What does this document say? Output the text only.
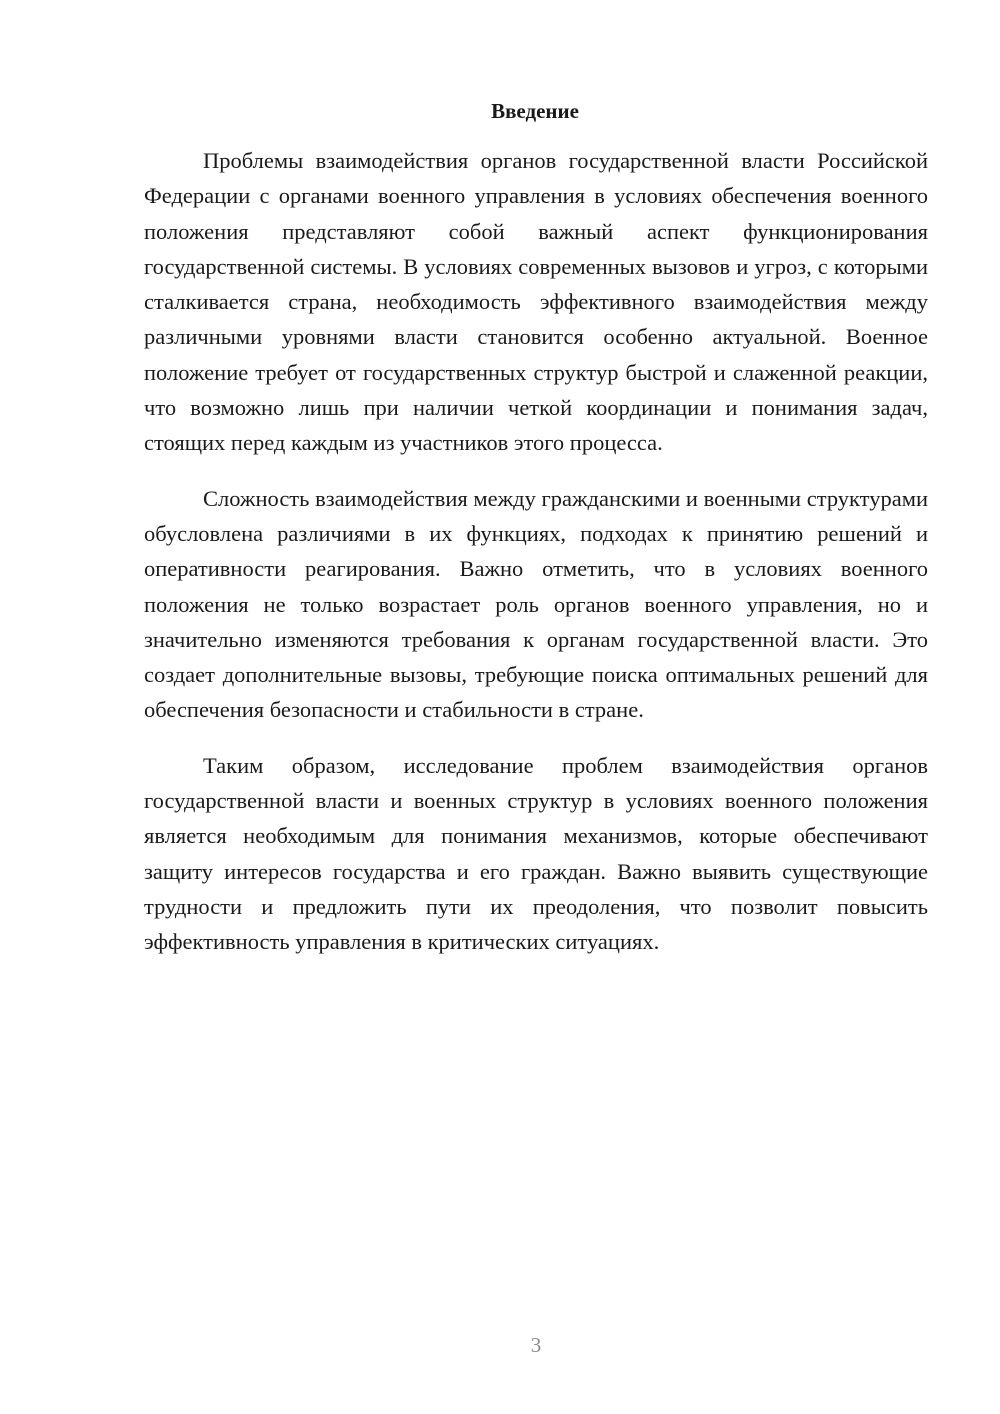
Введение

Проблемы взаимодействия органов государственной власти Российской Федерации с органами военного управления в условиях обеспечения военного положения представляют собой важный аспект функционирования государственной системы. В условиях современных вызовов и угроз, с которыми сталкивается страна, необходимость эффективного взаимодействия между различными уровнями власти становится особенно актуальной. Военное положение требует от государственных структур быстрой и слаженной реакции, что возможно лишь при наличии четкой координации и понимания задач, стоящих перед каждым из участников этого процесса.

Сложность взаимодействия между гражданскими и военными структурами обусловлена различиями в их функциях, подходах к принятию решений и оперативности реагирования. Важно отметить, что в условиях военного положения не только возрастает роль органов военного управления, но и значительно изменяются требования к органам государственной власти. Это создает дополнительные вызовы, требующие поиска оптимальных решений для обеспечения безопасности и стабильности в стране.

Таким образом, исследование проблем взаимодействия органов государственной власти и военных структур в условиях военного положения является необходимым для понимания механизмов, которые обеспечивают защиту интересов государства и его граждан. Важно выявить существующие трудности и предложить пути их преодоления, что позволит повысить эффективность управления в критических ситуациях.

3
